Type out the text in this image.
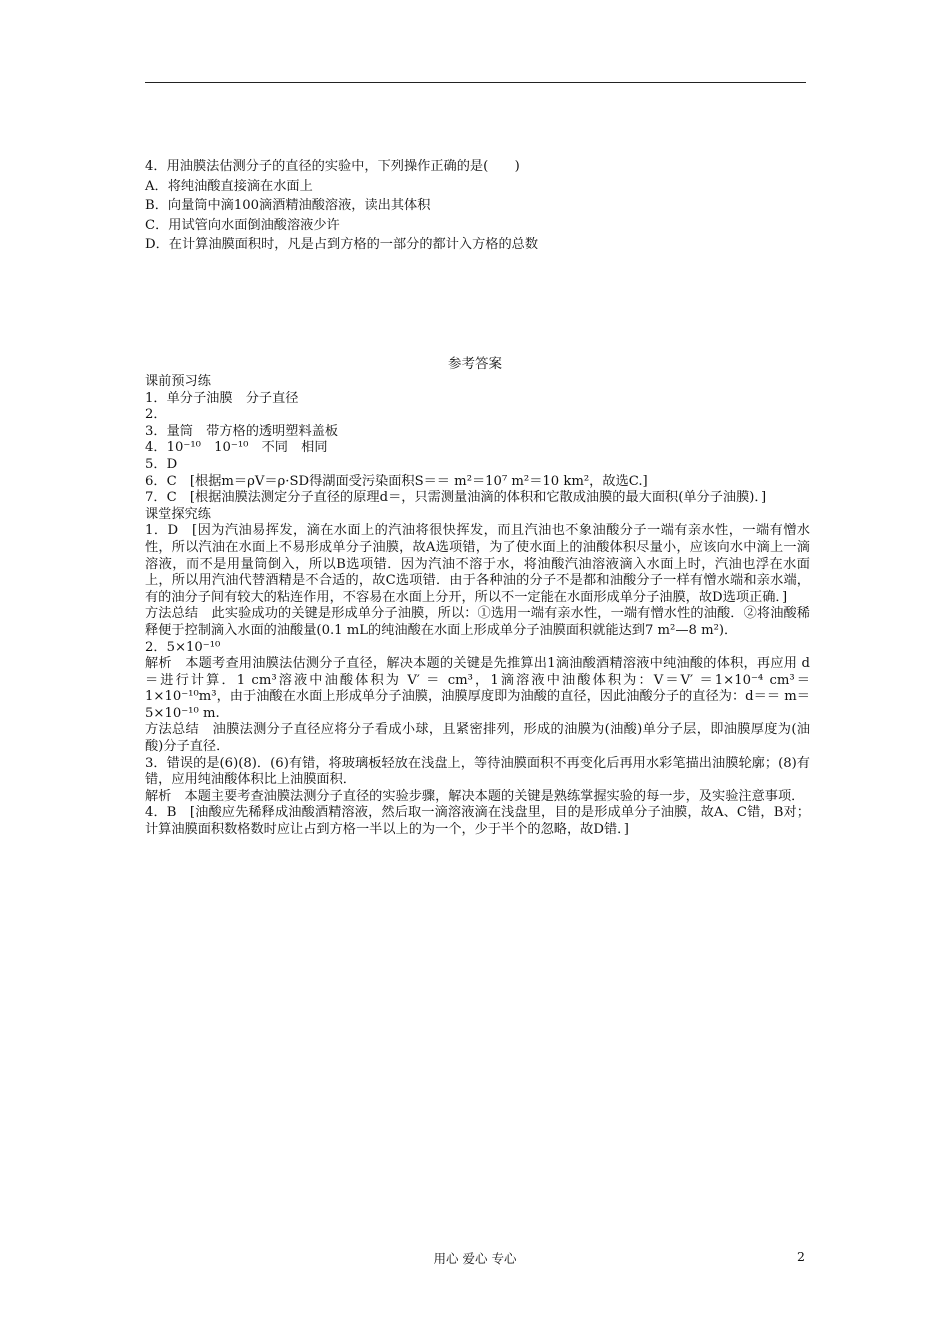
4．用油膜法估测分子的直径的实验中，下列操作正确的是(　　)
A．将纯油酸直接滴在水面上
B．向量筒中滴100滴酒精油酸溶液，读出其体积
C．用试管向水面倒油酸溶液少许
D．在计算油膜面积时，凡是占到方格的一部分的都计入方格的总数
参考答案
课前预习练
1．单分子油膜　分子直径
2．
3．量筒　带方格的透明塑料盖板
4．10⁻¹⁰　10⁻¹⁰　不同　相同
5．D
6．C　[根据m＝ρV＝ρ·SD得湖面受污染面积S＝＝ m²＝10⁷ m²＝10 km²，故选C.]
7．C　[根据油膜法测定分子直径的原理d＝，只需测量油滴的体积和它散成油膜的最大面积(单分子油膜)．]
课堂探究练
1．D　[因为汽油易挥发，滴在水面上的汽油将很快挥发，而且汽油也不象油酸分子一端有亲水性，一端有憎水性，所以汽油在水面上不易形成单分子油膜，故A选项错，为了使水面上的油酸体积尽量小，应该向水中滴上一滴溶液，而不是用量筒倒入，所以B选项错．因为汽油不溶于水，将油酸汽油溶液滴入水面上时，汽油也浮在水面上，所以用汽油代替酒精是不合适的，故C选项错．由于各种油的分子不是都和油酸分子一样有憎水端和亲水端，有的油分子间有较大的粘连作用，不容易在水面上分开，所以不一定能在水面形成单分子油膜，故D选项正确．]
方法总结　此实验成功的关键是形成单分子油膜，所以：①选用一端有亲水性，一端有憎水性的油酸．②将油酸稀释便于控制滴入水面的油酸量(0.1 mL的纯油酸在水面上形成单分子油膜面积就能达到7 m²—8 m²)．
2．5×10⁻¹⁰
解析　本题考查用油膜法估测分子直径，解决本题的关键是先推算出1滴油酸酒精溶液中纯油酸的体积，再应用 d＝进行计算．1 cm³溶液中油酸体积为 V′ ＝ cm³，1滴溶液中油酸体积为：V＝V′ ＝1×10⁻⁴ cm³＝1×10⁻¹⁰m³，由于油酸在水面上形成单分子油膜，油膜厚度即为油酸的直径，因此油酸分子的直径为：d＝＝ m＝5×10⁻¹⁰ m.
方法总结　油膜法测分子直径应将分子看成小球，且紧密排列，形成的油膜为(油酸)单分子层，即油膜厚度为(油酸)分子直径．
3．错误的是(6)(8)．(6)有错，将玻璃板轻放在浅盘上，等待油膜面积不再变化后再用水彩笔描出油膜轮廓；(8)有错，应用纯油酸体积比上油膜面积．
解析　本题主要考查油膜法测分子直径的实验步骤，解决本题的关键是熟练掌握实验的每一步，及实验注意事项．
4．B　[油酸应先稀释成油酸酒精溶液，然后取一滴溶液滴在浅盘里，目的是形成单分子油膜，故A、C错，B对；计算油膜面积数格数时应让占到方格一半以上的为一个，少于半个的忽略，故D错．]
用心 爱心 专心	2
